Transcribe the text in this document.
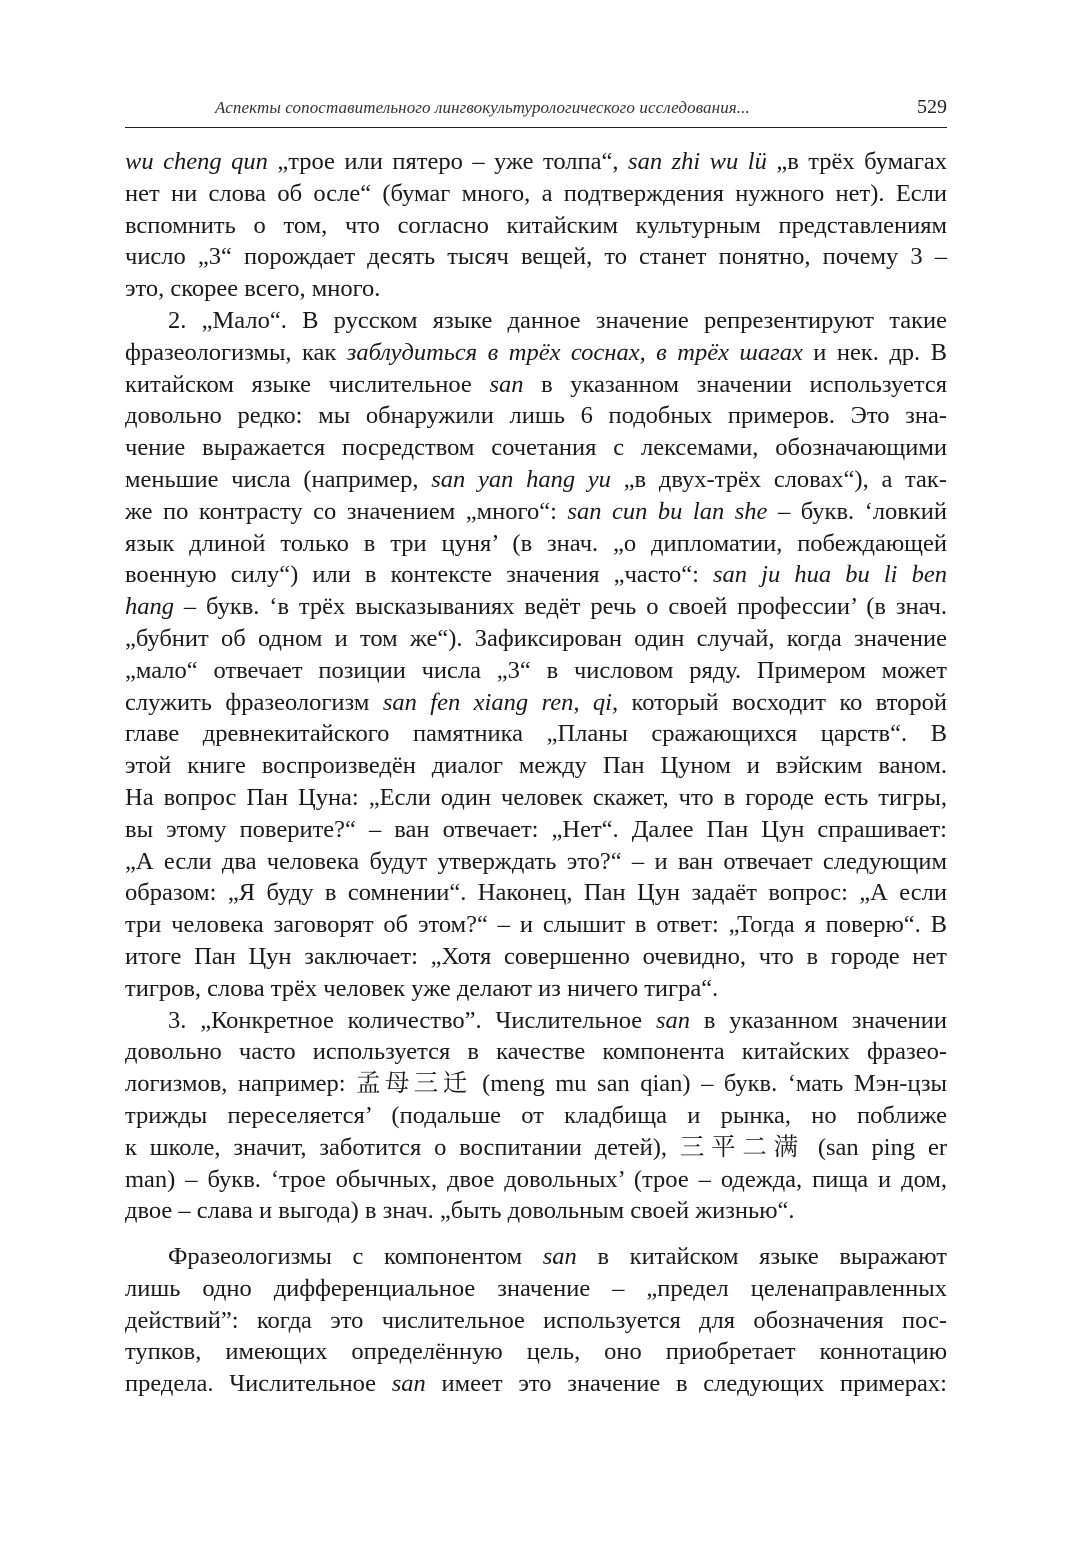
Аспекты сопоставительного лингвокультурологического исследования...	529
wu cheng qun „трое или пятеро – уже толпа“, san zhi wu lü „в трёх бумагах
нет ни слова об осле“ (бумаг много, а подтверждения нужного нет). Если
вспомнить о том, что согласно китайским культурным представлениям
число „3“ порождает десять тысяч вещей, то станет понятно, почему 3 –
это, скорее всего, много.
2. „Мало“. В русском языке данное значение репрезентируют такие
фразеологизмы, как заблудиться в трёх соснах, в трёх шагах и нек. др. В
китайском языке числительное san в указанном значении используется
довольно редко: мы обнаружили лишь 6 подобных примеров. Это зна-
чение выражается посредством сочетания с лексемами, обозначающими
меньшие числа (например, san yan hang yu „в двух-трёх словах“), а так-
же по контрасту со значением „много“: san cun bu lan she – букв. ‘ловкий
язык длиной только в три цуня’ (в знач. „о дипломатии, побеждающей
военную силу“) или в контексте значения „часто“: san ju hua bu li ben
hang – букв. ‘в трёх высказываниях ведёт речь о своей профессии’ (в знач.
„бубнит об одном и том же“). Зафиксирован один случай, когда значение
„мало“ отвечает позиции числа „3“ в числовом ряду. Примером может
служить фразеологизм san fen xiang ren, qi, который восходит ко второй
главе древнекитайского памятника „Планы сражающихся царств“. В
этой книге воспроизведён диалог между Пан Цуном и вэйским ваном.
На вопрос Пан Цуна: „Если один человек скажет, что в городе есть тигры,
вы этому поверите?“ – ван отвечает: „Нет“. Далее Пан Цун спрашивает:
„А если два человека будут утверждать это?“ – и ван отвечает следующим
образом: „Я буду в сомнении“. Наконец, Пан Цун задаёт вопрос: „А если
три человека заговорят об этом?“ – и слышит в ответ: „Тогда я поверю“. В
итоге Пан Цун заключает: „Хотя совершенно очевидно, что в городе нет
тигров, слова трёх человек уже делают из ничего тигра“.
3. „Конкретное количество”. Числительное san в указанном значении
довольно часто используется в качестве компонента китайских фразео-
логизмов, например: 孟母三迁 (meng mu san qian) – букв. ‘мать Мэн-цзы
трижды переселяется’ (подальше от кладбища и рынка, но поближе
к школе, значит, заботится о воспитании детей), 三平二满 (san ping er
man) – букв. ‘трое обычных, двое довольных’ (трое – одежда, пища и дом,
двое – слава и выгода) в знач. „быть довольным своей жизнью“.
Фразеологизмы с компонентом san в китайском языке выражают
лишь одно дифференциальное значение – „предел целенаправленных
действий”: когда это числительное используется для обозначения пос-
тупков, имеющих определённую цель, оно приобретает коннотацию
предела. Числительное san имеет это значение в следующих примерах:
